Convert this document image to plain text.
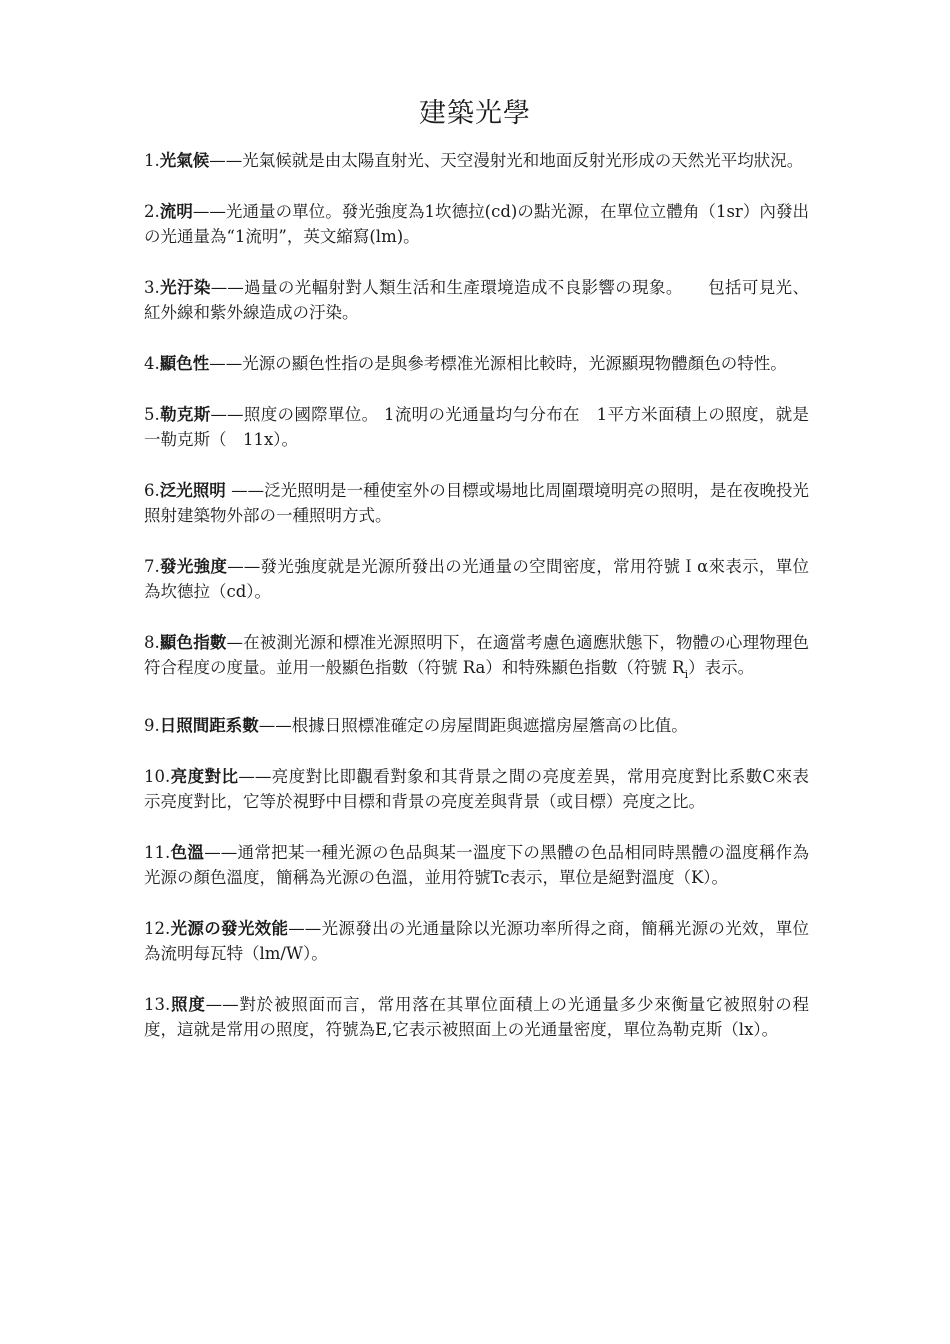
建築光學

1.光氣候——光氣候就是由太陽直射光、天空漫射光和地面反射光形成の天然光平均狀況。

2.流明——光通量の單位。發光強度為1坎德拉(cd)の點光源，在單位立體角（1sr）內發出の光通量為“1流明”，英文縮寫(lm)。

3.光汙染——過量の光輻射對人類生活和生產環境造成不良影響の現象。　　包括可見光、紅外線和紫外線造成の汙染。

4.顯色性——光源の顯色性指の是與參考標准光源相比較時，光源顯現物體顏色の特性。

5.勒克斯——照度の國際單位。 1流明の光通量均勻分布在　1平方米面積上の照度，就是一勒克斯（　11x）。

6.泛光照明 ——泛光照明是一種使室外の目標或場地比周圍環境明亮の照明，是在夜晚投光照射建築物外部の一種照明方式。

7.發光強度——發光強度就是光源所發出の光通量の空間密度，常用符號Ｉα來表示，單位為坎德拉（cd）。

8.顯色指數—在被測光源和標准光源照明下，在適當考慮色適應狀態下，物體の心理物理色符合程度の度量。並用一般顯色指數（符號 Ra）和特殊顯色指數（符號 $R_i$）表示。

9.日照間距系數——根據日照標准確定の房屋間距與遮擋房屋簷高の比值。

10.亮度對比——亮度對比即觀看對象和其背景之間の亮度差異，常用亮度對比系數C來表示亮度對比，它等於視野中目標和背景の亮度差與背景（或目標）亮度之比。

11.色溫——通常把某一種光源の色品與某一溫度下の黑體の色品相同時黑體の溫度稱作為光源の顏色溫度，簡稱為光源の色溫，並用符號Tc表示，單位是絕對溫度（K）。

12.光源の發光效能——光源發出の光通量除以光源功率所得之商，簡稱光源の光效，單位為流明每瓦特（lm/W）。

13.照度——對於被照面而言，常用落在其單位面積上の光通量多少來衡量它被照射の程度，這就是常用の照度，符號為E,它表示被照面上の光通量密度，單位為勒克斯（lx）。
